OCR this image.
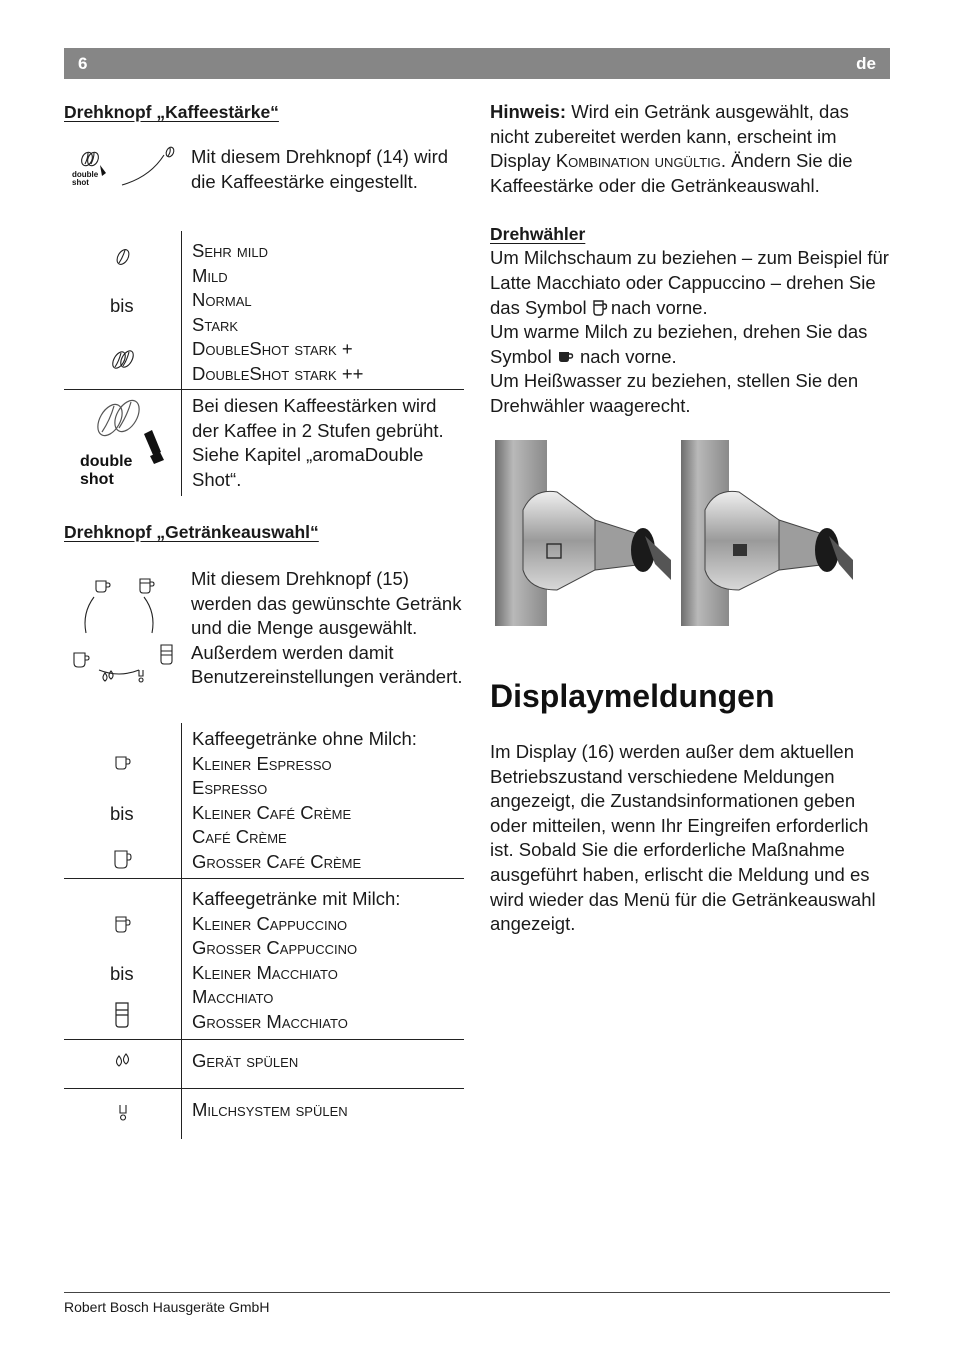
6	de
Drehknopf „Kaffeestärke“
double
shot
Mit diesem Drehknopf (14) wird die Kaffeestärke eingestellt.
bis
Sehr mild
Mild
Normal
Stark
DoubleShot stark +
DoubleShot stark ++
double
shot
Bei diesen Kaffeestärken wird der Kaffee in 2 Stufen gebrüht. Siehe Kapitel „aromaDouble Shot“.
Drehknopf „Getränkeauswahl“
Mit diesem Drehknopf (15) werden das gewünschte Getränk und die Menge ausgewählt. Außerdem werden damit Benutzereinstellungen verändert.
bis
Kaffeegetränke ohne Milch:
Kleiner Espresso
Espresso
Kleiner Café Crème
Café Crème
Grosser Café Crème
bis
Kaffeegetränke mit Milch:
Kleiner Cappuccino
Grosser Cappuccino
Kleiner Macchiato
Macchiato
Grosser Macchiato
Gerät spülen
Milchsystem spülen
Hinweis: Wird ein Getränk ausgewählt, das nicht zubereitet werden kann, erscheint im Display Kombination ungültig. Ändern Sie die Kaffeestärke oder die Getränkeauswahl.
Drehwähler
Um Milchschaum zu beziehen – zum Beispiel für Latte Macchiato oder Cappuccino – drehen Sie das Symbol  nach vorne.
Um warme Milch zu beziehen, drehen Sie das Symbol  nach vorne.
Um Heißwasser zu beziehen, stellen Sie den Drehwähler waagerecht.
Displaymeldungen
Im Display (16) werden außer dem aktuellen Betriebszustand verschiedene Meldungen angezeigt, die Zustandsinformationen geben oder mitteilen, wenn Ihr Eingreifen erforderlich ist. Sobald Sie die erforderliche Maßnahme ausgeführt haben, erlischt die Meldung und es wird wieder das Menü für die Getränkeauswahl angezeigt.
Robert Bosch Hausgeräte GmbH
